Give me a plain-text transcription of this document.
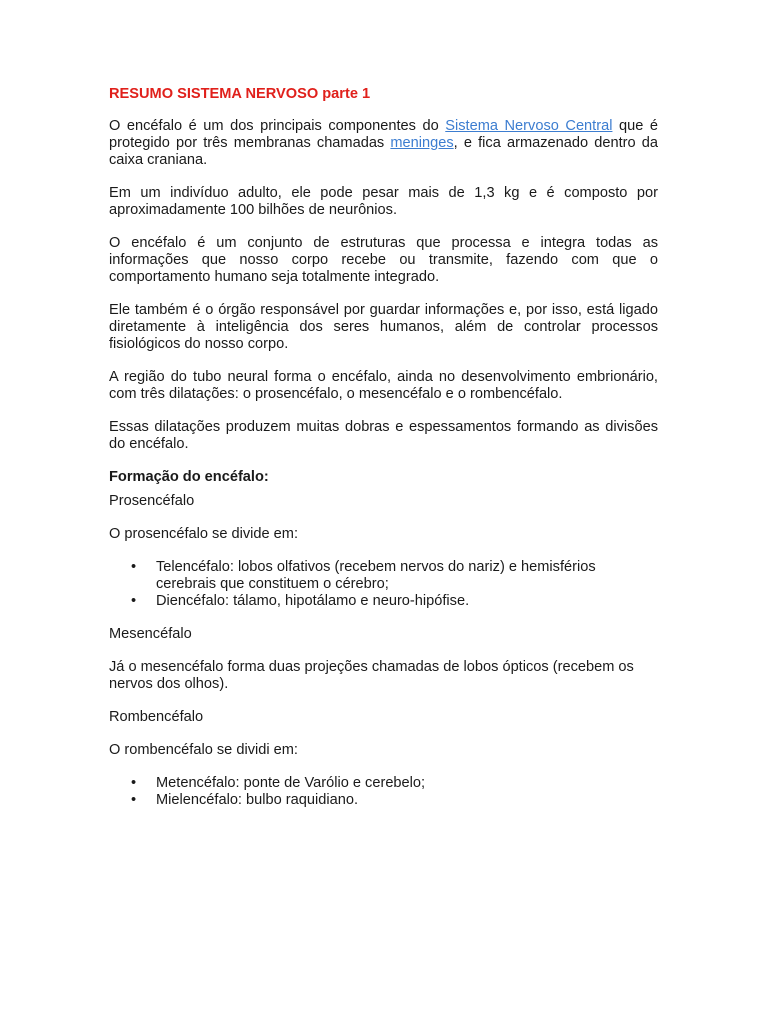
RESUMO SISTEMA NERVOSO parte 1

O encéfalo é um dos principais componentes do Sistema Nervoso Central que é protegido por três membranas chamadas meninges, e fica armazenado dentro da caixa craniana.

Em um indivíduo adulto, ele pode pesar mais de 1,3 kg e é composto por aproximadamente 100 bilhões de neurônios.

O encéfalo é um conjunto de estruturas que processa e integra todas as informações que nosso corpo recebe ou transmite, fazendo com que o comportamento humano seja totalmente integrado.

Ele também é o órgão responsável por guardar informações e, por isso, está ligado diretamente à inteligência dos seres humanos, além de controlar processos fisiológicos do nosso corpo.

A região do tubo neural forma o encéfalo, ainda no desenvolvimento embrionário, com três dilatações: o prosencéfalo, o mesencéfalo e o rombencéfalo.

Essas dilatações produzem muitas dobras e espessamentos formando as divisões do encéfalo.

Formação do encéfalo:

Prosencéfalo

O prosencéfalo se divide em:

• Telencéfalo: lobos olfativos (recebem nervos do nariz) e hemisférios cerebrais que constituem o cérebro;
• Diencéfalo: tálamo, hipotálamo e neuro-hipófise.

Mesencéfalo

Já o mesencéfalo forma duas projeções chamadas de lobos ópticos (recebem os nervos dos olhos).

Rombencéfalo

O rombencéfalo se dividi em:

• Metencéfalo: ponte de Varólio e cerebelo;
• Mielencéfalo: bulbo raquidiano.
